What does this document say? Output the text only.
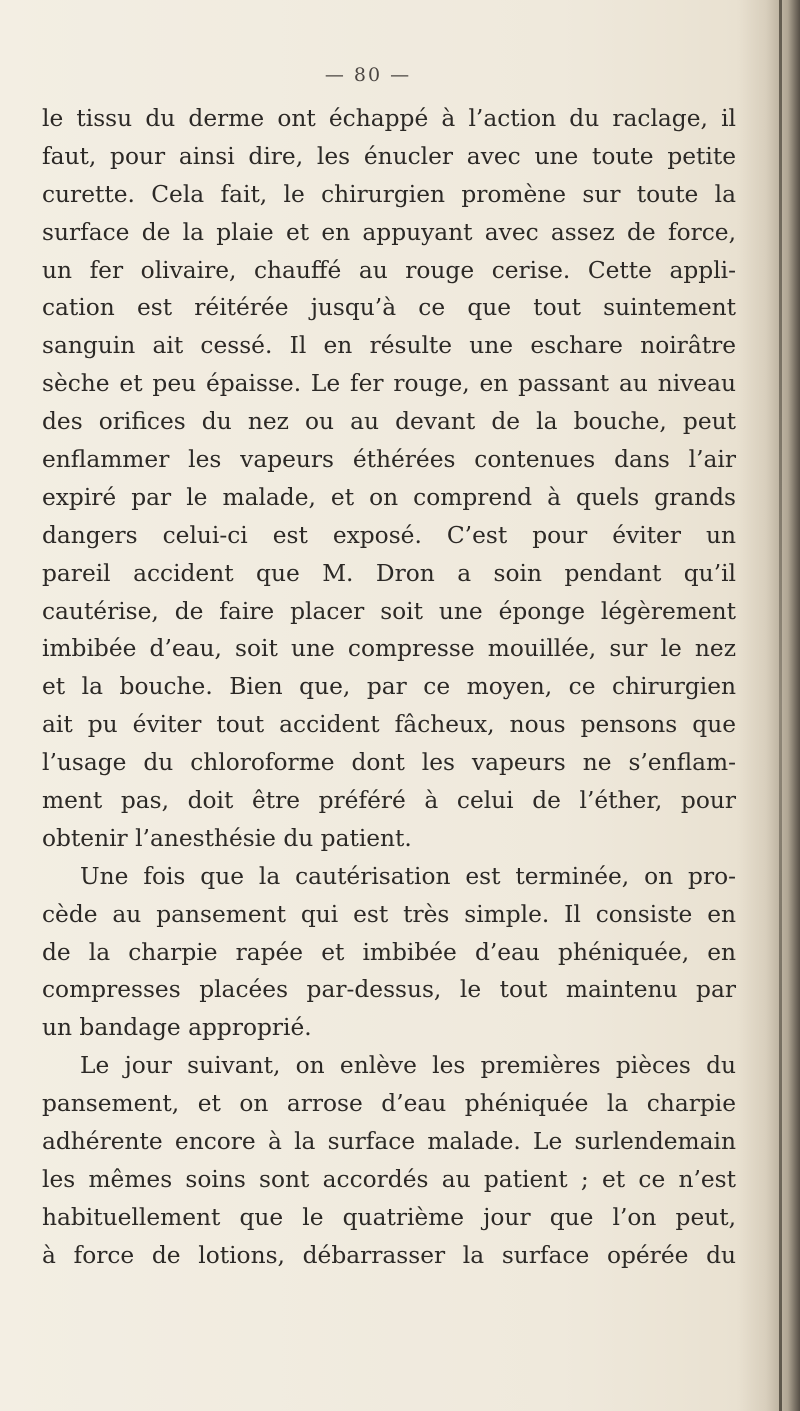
— 80 —
le tissu du derme ont échappé à l’action du raclage, il
faut, pour ainsi dire, les énucler avec une toute petite
curette. Cela fait, le chirurgien promène sur toute la
surface de la plaie et en appuyant avec assez de force,
un fer olivaire, chauffé au rouge cerise. Cette appli-
cation est réitérée jusqu’à ce que tout suintement
sanguin ait cessé. Il en résulte une eschare noirâtre
sèche et peu épaisse. Le fer rouge, en passant au niveau
des orifices du nez ou au devant de la bouche, peut
enflammer les vapeurs éthérées contenues dans l’air
expiré par le malade, et on comprend à quels grands
dangers celui-ci est exposé. C’est pour éviter un
pareil accident que M. Dron a soin pendant qu’il
cautérise, de faire placer soit une éponge légèrement
imbibée d’eau, soit une compresse mouillée, sur le nez
et la bouche. Bien que, par ce moyen, ce chirurgien
ait pu éviter tout accident fâcheux, nous pensons que
l’usage du chloroforme dont les vapeurs ne s’enflam-
ment pas, doit être préféré à celui de l’éther, pour
obtenir l’anesthésie du patient.
Une fois que la cautérisation est terminée, on pro-
cède au pansement qui est très simple. Il consiste en
de la charpie rapée et imbibée d’eau phéniquée, en
compresses placées par-dessus, le tout maintenu par
un bandage approprié.
Le jour suivant, on enlève les premières pièces du
pansement, et on arrose d’eau phéniquée la charpie
adhérente encore à la surface malade. Le surlendemain
les mêmes soins sont accordés au patient ; et ce n’est
habituellement que le quatrième jour que l’on peut,
à force de lotions, débarrasser la surface opérée du
